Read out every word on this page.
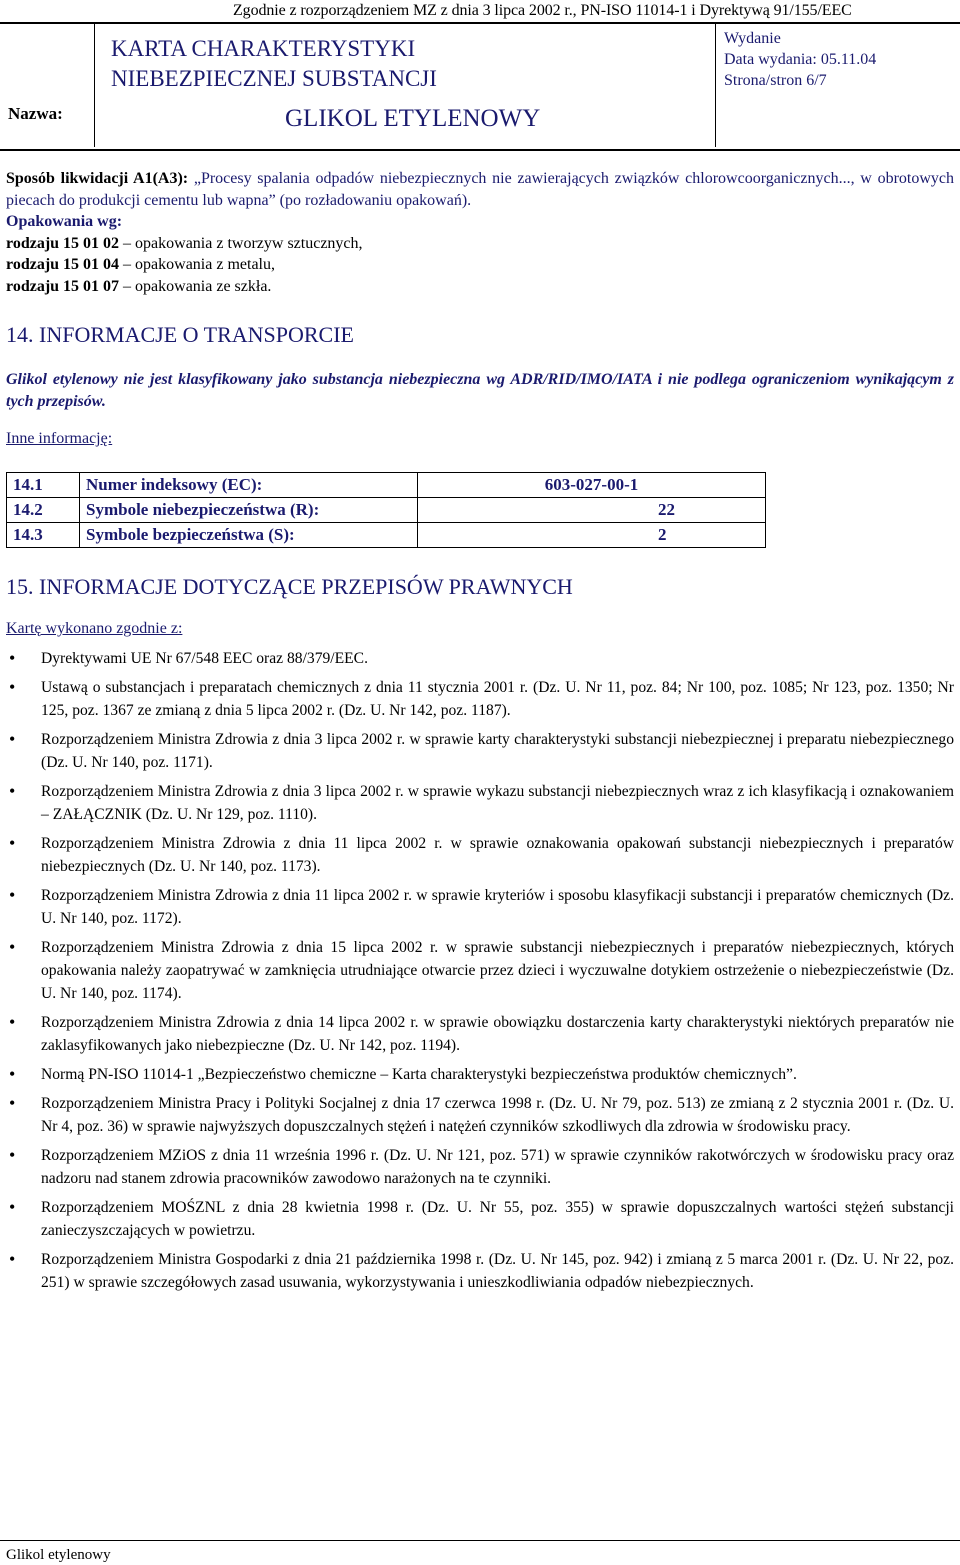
Zgodnie z rozporządzeniem MZ z dnia 3 lipca 2002 r., PN-ISO 11014-1 i Dyrektywą 91/155/EEC
Nazwa:
KARTA CHARAKTERYSTYKI
NIEBEZPIECZNEJ SUBSTANCJI
GLIKOL ETYLENOWY
Wydanie
Data wydania: 05.11.04
Strona/stron 6/7

Sposób likwidacji A1(A3): „Procesy spalania odpadów niebezpiecznych nie zawierających związków chlorowcoorganicznych..., w obrotowych piecach do produkcji cementu lub wapna” (po rozładowaniu opakowań).

Opakowania wg:

rodzaju 15 01 02 – opakowania z tworzyw sztucznych,

rodzaju 15 01 04 – opakowania z metalu,

rodzaju 15 01 07 – opakowania ze szkła.

14. INFORMACJE O TRANSPORCIE

Glikol etylenowy nie jest klasyfikowany jako substancja niebezpieczna wg ADR/RID/IMO/IATA i nie podlega ograniczeniom wynikającym z tych przepisów.

Inne informację:

14.1	Numer indeksowy (EC):	603-027-00-1
14.2	Symbole niebezpieczeństwa (R):	22
14.3	Symbole bezpieczeństwa (S):	2
15. INFORMACJE DOTYCZĄCE PRZEPISÓW PRAWNYCH

Kartę wykonano zgodnie z:

• Dyrektywami UE Nr 67/548 EEC oraz 88/379/EEC.
• Ustawą o substancjach i preparatach chemicznych z dnia 11 stycznia 2001 r. (Dz. U. Nr 11, poz. 84; Nr 100, poz. 1085; Nr 123, poz. 1350; Nr 125, poz. 1367 ze zmianą z dnia 5 lipca 2002 r. (Dz. U. Nr 142, poz. 1187).
• Rozporządzeniem Ministra Zdrowia z dnia 3 lipca 2002 r. w sprawie karty charakterystyki substancji niebezpiecznej i preparatu niebezpiecznego (Dz. U. Nr 140, poz. 1171).
• Rozporządzeniem Ministra Zdrowia z dnia 3 lipca 2002 r. w sprawie wykazu substancji niebezpiecznych wraz z ich klasyfikacją i oznakowaniem – ZAŁĄCZNIK (Dz. U. Nr 129, poz. 1110).
• Rozporządzeniem Ministra Zdrowia z dnia 11 lipca 2002 r. w sprawie oznakowania opakowań substancji niebezpiecznych i preparatów niebezpiecznych (Dz. U. Nr 140, poz. 1173).
• Rozporządzeniem Ministra Zdrowia z dnia 11 lipca 2002 r. w sprawie kryteriów i sposobu klasyfikacji substancji i preparatów chemicznych (Dz. U. Nr 140, poz. 1172).
• Rozporządzeniem Ministra Zdrowia z dnia 15 lipca 2002 r. w sprawie substancji niebezpiecznych i preparatów niebezpiecznych, których opakowania należy zaopatrywać w zamknięcia utrudniające otwarcie przez dzieci i wyczuwalne dotykiem ostrzeżenie o niebezpieczeństwie (Dz. U. Nr 140, poz. 1174).
• Rozporządzeniem Ministra Zdrowia z dnia 14 lipca 2002 r. w sprawie obowiązku dostarczenia karty charakterystyki niektórych preparatów nie zaklasyfikowanych jako niebezpieczne (Dz. U. Nr 142, poz. 1194).
• Normą PN-ISO 11014-1 „Bezpieczeństwo chemiczne – Karta charakterystyki bezpieczeństwa produktów chemicznych”.
• Rozporządzeniem Ministra Pracy i Polityki Socjalnej z dnia 17 czerwca 1998 r. (Dz. U. Nr 79, poz. 513) ze zmianą z 2 stycznia 2001 r. (Dz. U. Nr 4, poz. 36) w sprawie najwyższych dopuszczalnych stężeń i natężeń czynników szkodliwych dla zdrowia w środowisku pracy.
• Rozporządzeniem MZiOS z dnia 11 września 1996 r. (Dz. U. Nr 121, poz. 571) w sprawie czynników rakotwórczych w środowisku pracy oraz nadzoru nad stanem zdrowia pracowników zawodowo narażonych na te czynniki.
• Rozporządzeniem MOŚZNL z dnia 28 kwietnia 1998 r. (Dz. U. Nr 55, poz. 355) w sprawie dopuszczalnych wartości stężeń substancji zanieczyszczających w powietrzu.
• Rozporządzeniem Ministra Gospodarki z dnia 21 października 1998 r. (Dz. U. Nr 145, poz. 942) i zmianą z 5 marca 2001 r. (Dz. U. Nr 22, poz. 251) w sprawie szczegółowych zasad usuwania, wykorzystywania i unieszkodliwiania odpadów niebezpiecznych.
Glikol etylenowy
